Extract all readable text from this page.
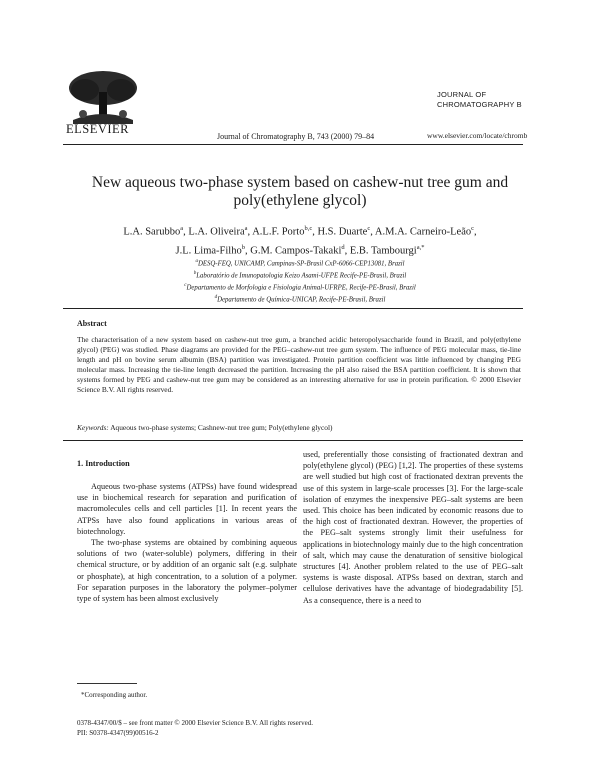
ELSEVIER
Journal of Chromatography B, 743 (2000) 79–84
JOURNAL OF
CHROMATOGRAPHY B
www.elsevier.com/locate/chromb
New aqueous two-phase system based on cashew-nut tree gum and
poly(ethylene glycol)
L.A. Sarubbo$^a$, L.A. Oliveira$^a$, A.L.F. Porto$^{b,c}$, H.S. Duarte$^c$, A.M.A. Carneiro-Leão$^c$,
J.L. Lima-Filho$^b$, G.M. Campos-Takaki$^d$, E.B. Tambourgi$^{a,*}$
$^a$DESQ-FEQ, UNICAMP, Campinas-SP-Brasil CxP-6066-CEP13081, Brazil
$^b$Laboratório de Imunopatologia Keizo Asami-UFPE Recife-PE-Brasil, Brazil
$^c$Departamento de Morfologia e Fisiologia Animal-UFRPE, Recife-PE-Brasil, Brazil
$^d$Departamento de Química-UNICAP, Recife-PE-Brasil, Brazil
Abstract
The characterisation of a new system based on cashew-nut tree gum, a branched acidic heteropolysaccharide found in Brazil, and poly(ethylene glycol) (PEG) was studied. Phase diagrams are provided for the PEG–cashew-nut tree gum system. The influence of PEG molecular mass, tie-line length and pH on bovine serum albumin (BSA) partition was investigated. Protein partition coefficient was little influenced by changing PEG molecular mass. Increasing the tie-line length decreased the partition. Increasing the pH also raised the BSA partition coefficient. It is shown that systems formed by PEG and cashew-nut tree gum may be considered as an interesting alternative for use in protein purification. © 2000 Elsevier Science B.V. All rights reserved.
Keywords: Aqueous two-phase systems; Cashnew-nut tree gum; Poly(ethylene glycol)
1. Introduction

Aqueous two-phase systems (ATPSs) have found widespread use in biochemical research for separation and purification of macromolecules cells and cell particles [1]. In recent years the ATPSs have also found applications in various areas of biotechnology.

The two-phase systems are obtained by combining aqueous solutions of two (water-soluble) polymers, differing in their chemical structure, or by addition of an organic salt (e.g. sulphate or phosphate), at high concentration, to a solution of a polymer. For separation purposes in the laboratory the polymer–polymer type of system has been almost exclusively

used, preferentially those consisting of fractionated dextran and poly(ethylene glycol) (PEG) [1,2]. The properties of these systems are well studied but high cost of fractionated dextran prevents the use of this system in large-scale processes [3]. For the large-scale isolation of enzymes the inexpensive PEG–salt systems are been used. This choice has been indicated by economic reasons due to the high cost of fractionated dextran. However, the properties of the PEG–salt systems strongly limit their usefulness for applications in biotechnology mainly due to the high concentration of salt, which may cause the denaturation of sensitive biological structures [4]. Another problem related to the use of PEG–salt systems is waste disposal. ATPSs based on dextran, starch and cellulose derivatives have the advantage of biodegradability [5]. As a consequence, there is a need to

*Corresponding author.
0378-4347/00/$ – see front matter © 2000 Elsevier Science B.V. All rights reserved.
PII: S0378-4347(99)00516-2
